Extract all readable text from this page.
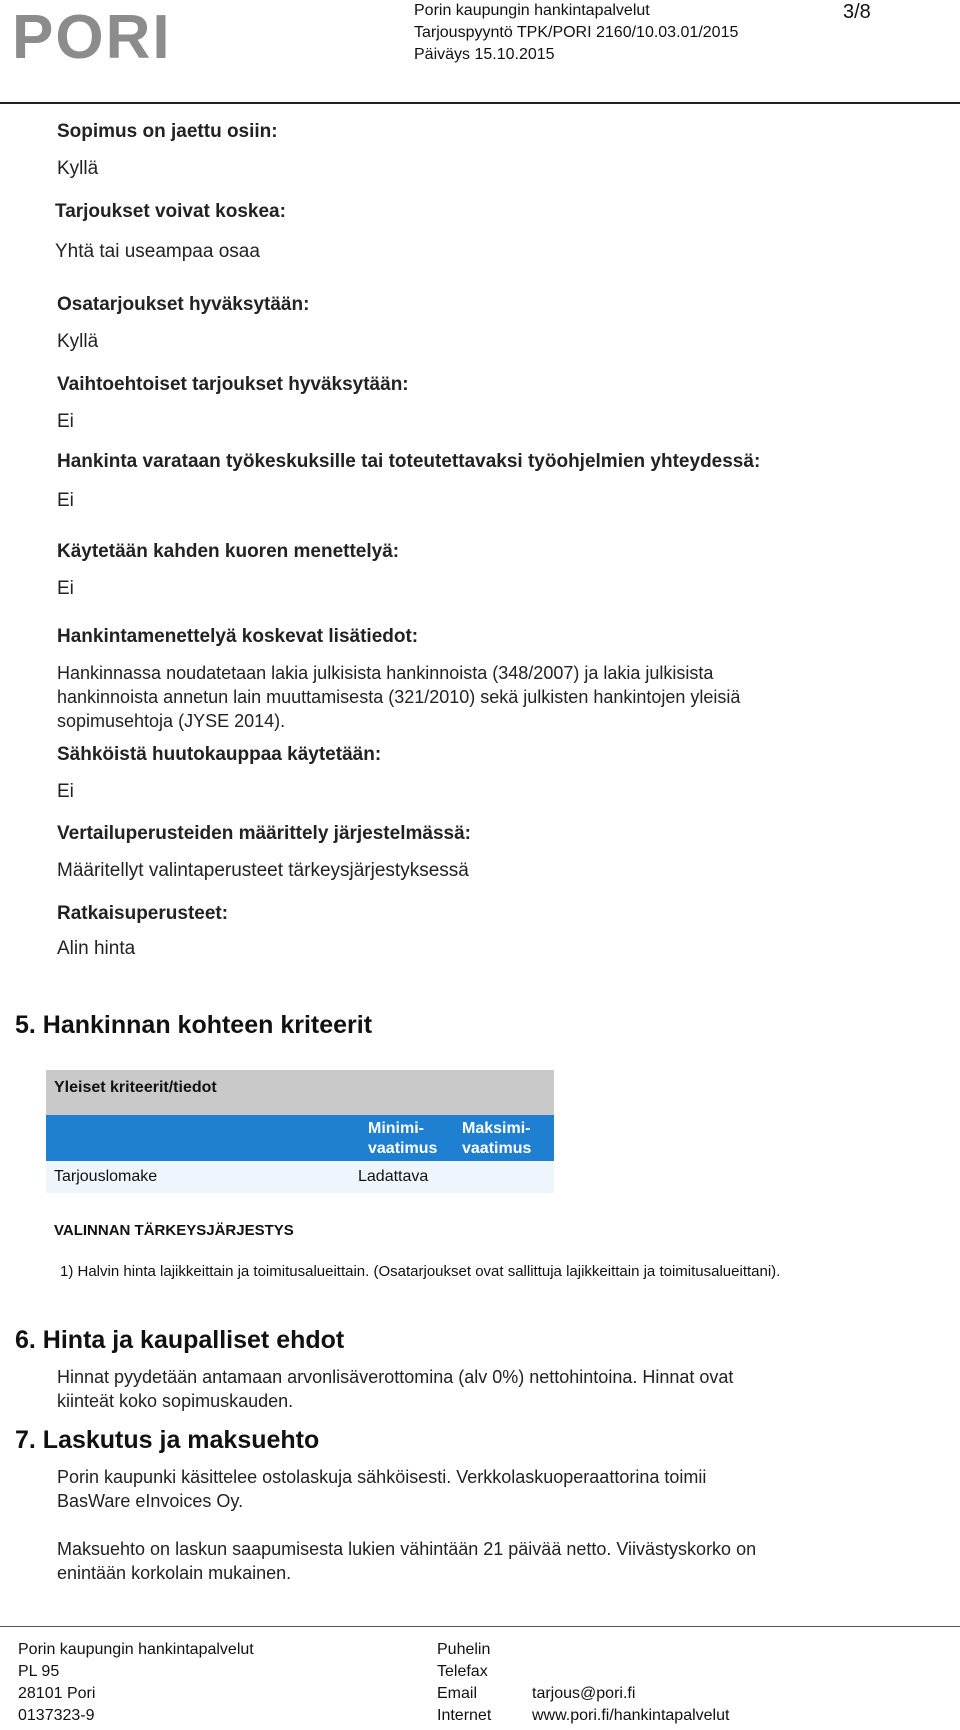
PORI	Porin kaupungin hankintapalvelut
Tarjouspyyntö TPK/PORI 2160/10.03.01/2015
Päiväys 15.10.2015
3/8
Sopimus on jaettu osiin:
Kyllä
Tarjoukset voivat koskea:
Yhtä tai useampaa osaa
Osatarjoukset hyväksytään:
Kyllä
Vaihtoehtoiset tarjoukset hyväksytään:
Ei
Hankinta varataan työkeskuksille tai toteutettavaksi työohjelmien yhteydessä:
Ei
Käytetään kahden kuoren menettelyä:
Ei
Hankintamenettelyä koskevat lisätiedot:
Hankinnassa noudatetaan lakia julkisista hankinnoista (348/2007) ja lakia julkisista
hankinnoista annetun lain muuttamisesta (321/2010) sekä julkisten hankintojen yleisiä
sopimusehtoja (JYSE 2014).
Sähköistä huutokauppaa käytetään:
Ei
Vertailuperusteiden määrittely järjestelmässä:
Määritellyt valintaperusteet tärkeysjärjestyksessä
Ratkaisuperusteet:
Alin hinta
5. Hankinnan kohteen kriteerit
Yleiset kriteerit/tiedot
Minimi-
vaatimus
Maksimi-
vaatimus
Tarjouslomake	Ladattava
VALINNAN TÄRKEYSJÄRJESTYS
1) Halvin hinta lajikkeittain ja toimitusalueittain. (Osatarjoukset ovat sallittuja lajikkeittain ja toimitusalueittani).
6. Hinta ja kaupalliset ehdot
Hinnat pyydetään antamaan arvonlisäverottomina (alv 0%) nettohintoina. Hinnat ovat
kiinteät koko sopimuskauden.
7. Laskutus ja maksuehto
Porin kaupunki käsittelee ostolaskuja sähköisesti. Verkkolaskuoperaattorina toimii
BasWare eInvoices Oy.
Maksuehto on laskun saapumisesta lukien vähintään 21 päivää netto. Viivästyskorko on
enintään korkolain mukainen.
Porin kaupungin hankintapalvelut
PL 95
28101 Pori
0137323-9
Puhelin
Telefax
Email
Internet

tarjous@pori.fi
www.pori.fi/hankintapalvelut
